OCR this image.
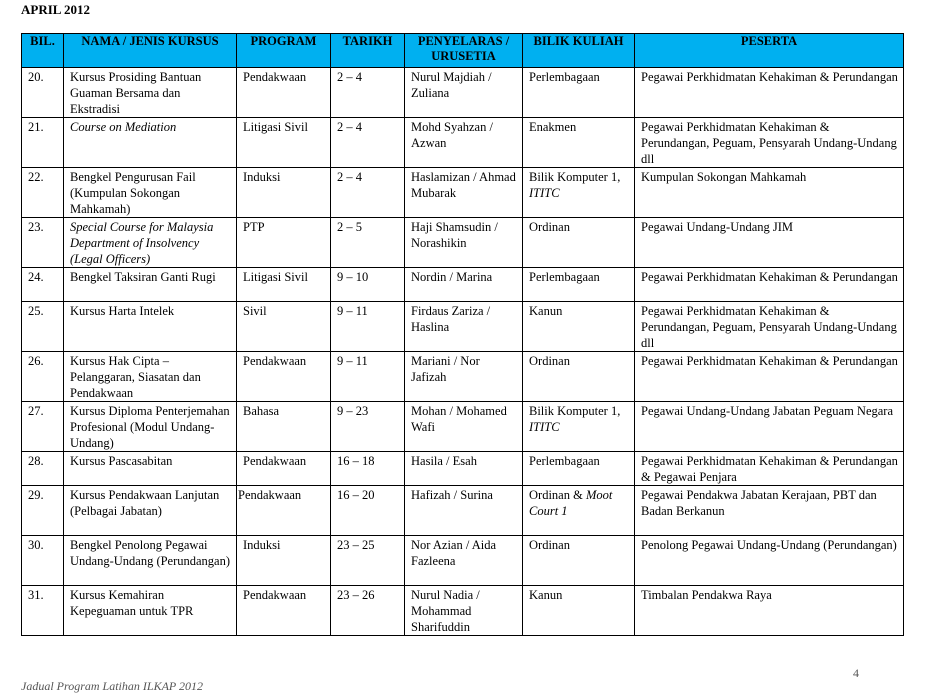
APRIL 2012
BIL.	NAMA / JENIS KURSUS	PROGRAM	TARIKH	PENYELARAS / URUSETIA	BILIK KULIAH	PESERTA
20.	Kursus Prosiding Bantuan Guaman Bersama dan Ekstradisi	Pendakwaan	2 – 4	Nurul Majdiah / Zuliana	Perlembagaan	Pegawai Perkhidmatan Kehakiman & Perundangan
21.	Course on Mediation	Litigasi Sivil	2 – 4	Mohd Syahzan / Azwan	Enakmen	Pegawai Perkhidmatan Kehakiman & Perundangan, Peguam, Pensyarah Undang-Undang dll
22.	Bengkel Pengurusan Fail (Kumpulan Sokongan Mahkamah)	Induksi	2 – 4	Haslamizan / Ahmad Mubarak	Bilik Komputer 1, ITITC	Kumpulan Sokongan Mahkamah
23.	Special Course for Malaysia Department of Insolvency (Legal Officers)	PTP	2 – 5	Haji Shamsudin / Norashikin	Ordinan	Pegawai Undang-Undang JIM
24.	Bengkel Taksiran Ganti Rugi	Litigasi Sivil	9 – 10	Nordin / Marina	Perlembagaan	Pegawai Perkhidmatan Kehakiman & Perundangan
25.	Kursus Harta Intelek	Sivil	9 – 11	Firdaus Zariza / Haslina	Kanun	Pegawai Perkhidmatan Kehakiman & Perundangan, Peguam, Pensyarah Undang-Undang dll
26.	Kursus Hak Cipta – Pelanggaran, Siasatan dan Pendakwaan	Pendakwaan	9 – 11	Mariani / Nor Jafizah	Ordinan	Pegawai Perkhidmatan Kehakiman & Perundangan
27.	Kursus Diploma Penterjemahan Profesional (Modul Undang-Undang)	Bahasa	9 – 23	Mohan / Mohamed Wafi	Bilik Komputer 1, ITITC	Pegawai Undang-Undang Jabatan Peguam Negara
28.	Kursus Pascasabitan	Pendakwaan	16 – 18	Hasila / Esah	Perlembagaan	Pegawai Perkhidmatan Kehakiman & Perundangan & Pegawai Penjara
29.	Kursus Pendakwaan Lanjutan (Pelbagai Jabatan)	Pendakwaan	16 – 20	Hafizah / Surina	Ordinan & Moot Court 1	Pegawai Pendakwa Jabatan Kerajaan, PBT dan Badan Berkanun
30.	Bengkel Penolong Pegawai Undang-Undang (Perundangan)	Induksi	23 – 25	Nor Azian / Aida Fazleena	Ordinan	Penolong Pegawai Undang-Undang (Perundangan)
31.	Kursus Kemahiran Kepeguaman untuk TPR	Pendakwaan	23 – 26	Nurul Nadia / Mohammad Sharifuddin	Kanun	Timbalan Pendakwa Raya
4
Jadual Program Latihan ILKAP 2012
